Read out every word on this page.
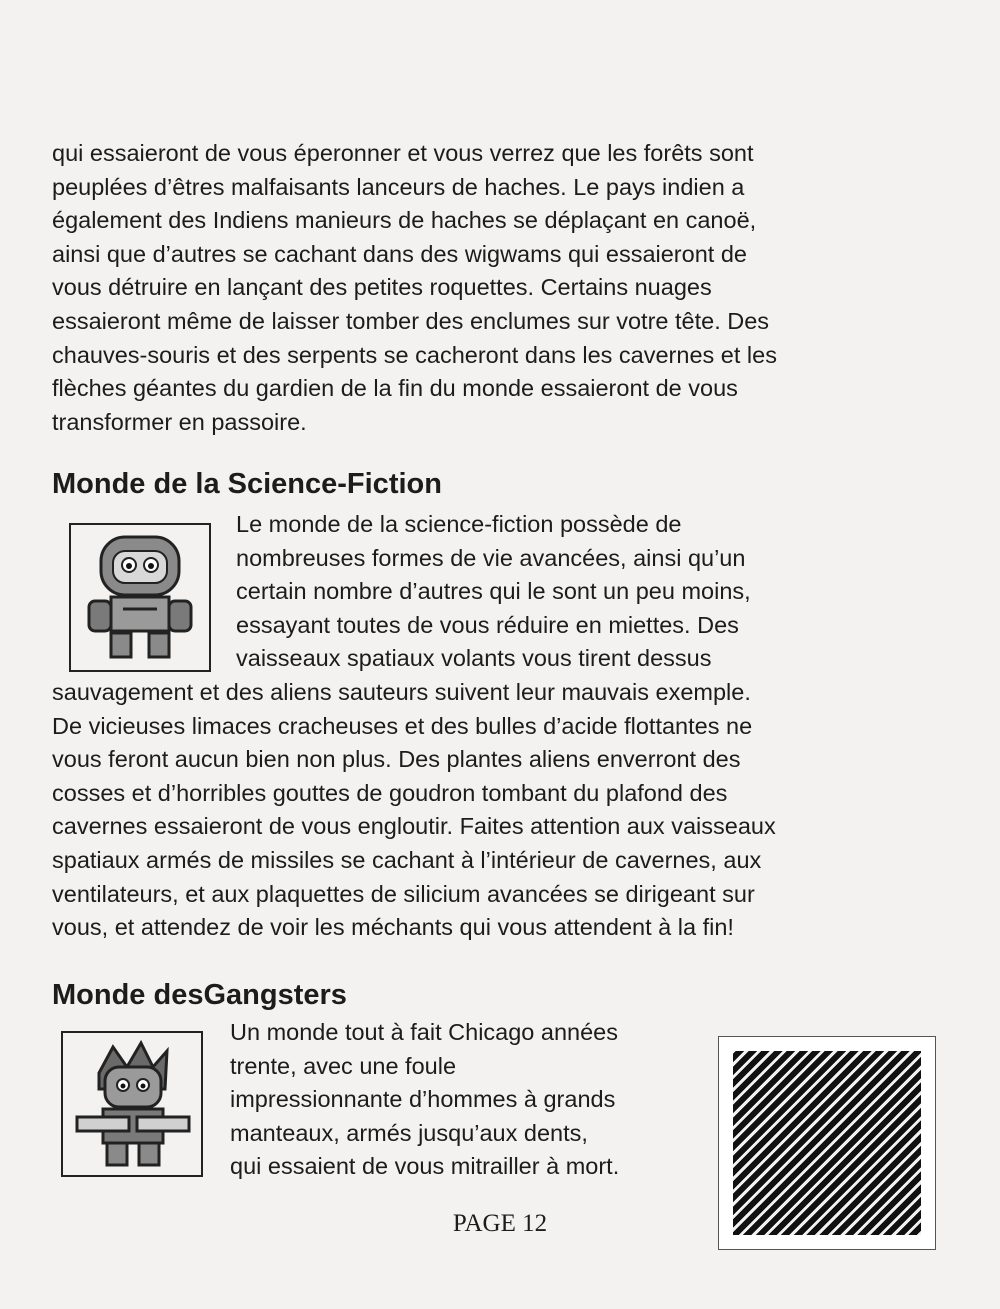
qui essaieront de vous éperonner et vous verrez que les forêts sont
peuplées d’êtres malfaisants lanceurs de haches. Le pays indien a
également des Indiens manieurs de haches se déplaçant en canoë,
ainsi que d’autres se cachant dans des wigwams qui essaieront de
vous détruire en lançant des petites roquettes. Certains nuages
essaieront même de laisser tomber des enclumes sur votre tête. Des
chauves-souris et des serpents se cacheront dans les cavernes et les
flèches géantes du gardien de la fin du monde essaieront de vous
transformer en passoire.

Monde de la Science-Fiction

Le monde de la science-fiction possède de
nombreuses formes de vie avancées, ainsi qu’un
certain nombre d’autres qui le sont un peu moins,
essayant toutes de vous réduire en miettes. Des
vaisseaux spatiaux volants vous tirent dessus

sauvagement et des aliens sauteurs suivent leur mauvais exemple.
De vicieuses limaces cracheuses et des bulles d’acide flottantes ne
vous feront aucun bien non plus. Des plantes aliens enverront des
cosses et d’horribles gouttes de goudron tombant du plafond des
cavernes essaieront de vous engloutir. Faites attention aux vaisseaux
spatiaux armés de missiles se cachant à l’intérieur de cavernes, aux
ventilateurs, et aux plaquettes de silicium avancées se dirigeant sur
vous, et attendez de voir les méchants qui vous attendent à la fin!

Monde desGangsters

Un monde tout à fait Chicago années
trente, avec une foule
impressionnante d’hommes à grands
manteaux, armés jusqu’aux dents,
qui essaient de vous mitrailler à mort.

PAGE 12
